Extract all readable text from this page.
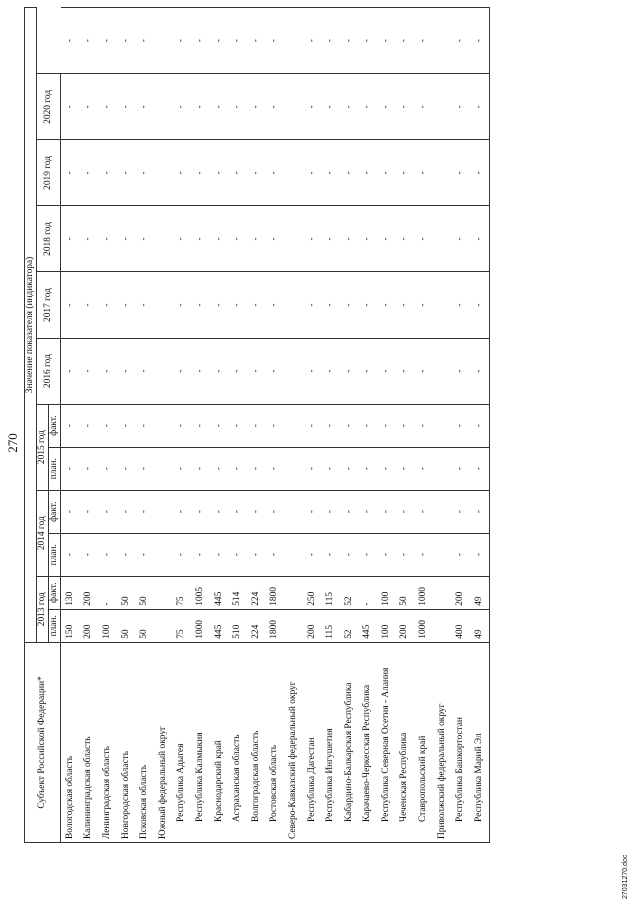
270
Субъект Российской Федерации*	Значение показателя (индикатора)											
	2013 год		2014 год		2015 год		2016 год	2017 год	2018 год	2019 год	2020 год	
	план.	факт.	план.	факт.	план.	факт.						
Вологодская область	150	130	-	-	-	-	-	-	-	-	-	-
Калининградская область	200	200	-	-	-	-	-	-	-	-	-	-
Ленинградская область	100	-	-	-	-	-	-	-	-	-	-	-
Новгородская область	50	50	-	-	-	-	-	-	-	-	-	-
Псковская область	50	50	-	-	-	-	-	-	-	-	-	-
Южный федеральный округ												
Республика Адыгея	75	75	-	-	-	-	-	-	-	-	-	-
Республика Калмыкия	1000	1005	-	-	-	-	-	-	-	-	-	-
Краснодарский край	445	445	-	-	-	-	-	-	-	-	-	-
Астраханская область	510	514	-	-	-	-	-	-	-	-	-	-
Волгоградская область	224	224	-	-	-	-	-	-	-	-	-	-
Ростовская область	1800	1800	-	-	-	-	-	-	-	-	-	-
Северо-Кавказский федеральный округ												
Республика Дагестан	200	250	-	-	-	-	-	-	-	-	-	-
Республика Ингушетия	115	115	-	-	-	-	-	-	-	-	-	-
Кабардино-Балкарская Республика	52	52	-	-	-	-	-	-	-	-	-	-
Карачаево-Черкесская Республика	445	-	-	-	-	-	-	-	-	-	-	-
Республика Северная Осетия - Алания	100	100	-	-	-	-	-	-	-	-	-	-
Чеченская Республика	200	50	-	-	-	-	-	-	-	-	-	-
Ставропольский край	1000	1000	-	-	-	-	-	-	-	-	-	-
Приволжский федеральный округ												
Республика Башкортостан	400	200	-	-	-	-	-	-	-	-	-	-
Республика Марий Эл	49	49	-	-	-	-	-	-	-	-	-	-
27031270.doc
